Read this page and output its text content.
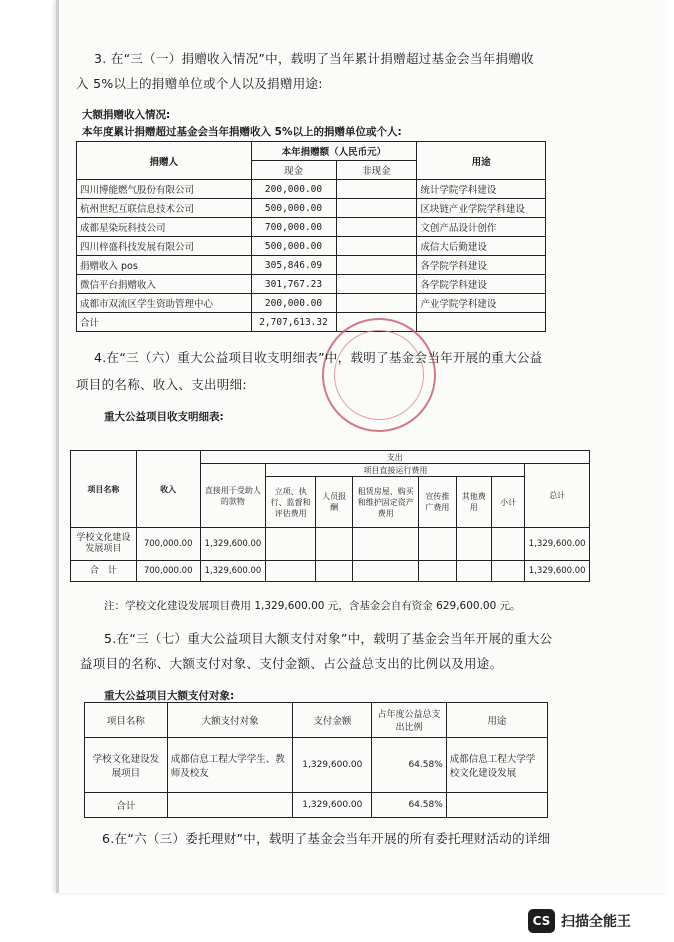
3. 在“三（一）捐赠收入情况”中，载明了当年累计捐赠超过基金会当年捐赠收
入 5%以上的捐赠单位或个人以及捐赠用途:
大额捐赠收入情况:
本年度累计捐赠超过基金会当年捐赠收入 5%以上的捐赠单位或个人:
捐赠人	本年捐赠额（人民币元）		用途
	现金	非现金	
四川博能燃气股份有限公司	200,000.00		统计学院学科建设
杭州世纪互联信息技术公司	500,000.00		区块链产业学院学科建设
成都星染玩科技公司	700,000.00		文创产品设计创作
四川梓盛科技发展有限公司	500,000.00		成信大后勤建设
捐赠收入 pos	305,846.09		各学院学科建设
微信平台捐赠收入	301,767.23		各学院学科建设
成都市双流区学生资助管理中心	200,000.00		产业学院学科建设
合计	2,707,613.32		
4.在“三（六）重大公益项目收支明细表”中，载明了基金会当年开展的重大公益
项目的名称、收入、支出明细:
重大公益项目收支明细表:
项目名称	收入	支出							
		直接用于受助人的款物	项目直接运行费用						总计
			立项、执行、监督和评估费用	人员报酬	租赁房屋、购买和维护固定资产费用	宣传推广费用	其他费用	小计	
学校文化建设发展项目	700,000.00	1,329,600.00							1,329,600.00
合　计	700,000.00	1,329,600.00							1,329,600.00
注：学校文化建设发展项目费用 1,329,600.00 元，含基金会自有资金 629,600.00 元。
5.在“三（七）重大公益项目大额支付对象”中，载明了基金会当年开展的重大公
益项目的名称、大额支付对象、支付金额、占公益总支出的比例以及用途。
重大公益项目大额支付对象:
项目名称	大额支付对象	支付金额	占年度公益总支出比例	用途
学校文化建设发展项目	成都信息工程大学学生、教师及校友	1,329,600.00	64.58%	成都信息工程大学学校文化建设发展
合计		1,329,600.00	64.58%	
6.在“六（三）委托理财”中，载明了基金会当年开展的所有委托理财活动的详细
CS 扫描全能王
